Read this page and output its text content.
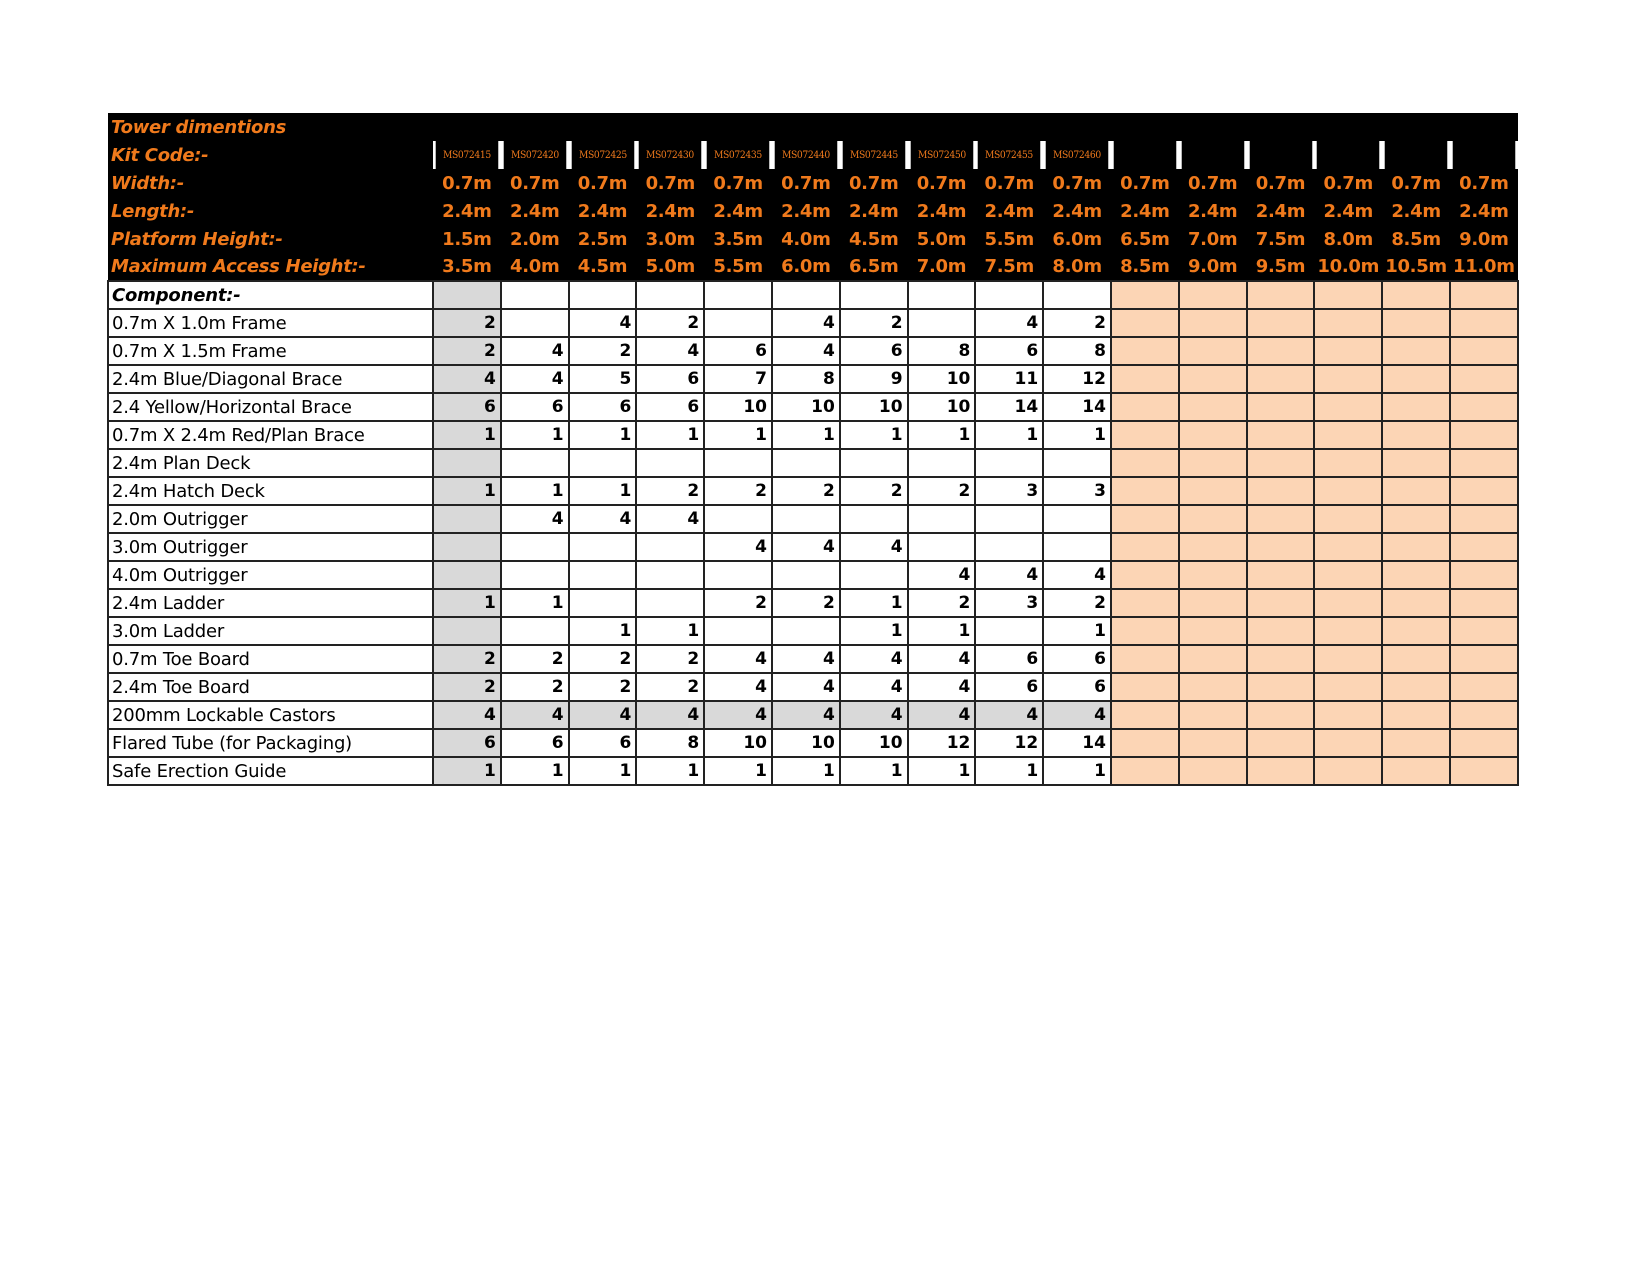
Tower dimentions																
Kit Code:-	MS072415	MS072420	MS072425	MS072430	MS072435	MS072440	MS072445	MS072450	MS072455	MS072460						
Width:-	0.7m	0.7m	0.7m	0.7m	0.7m	0.7m	0.7m	0.7m	0.7m	0.7m	0.7m	0.7m	0.7m	0.7m	0.7m	0.7m
Length:-	2.4m	2.4m	2.4m	2.4m	2.4m	2.4m	2.4m	2.4m	2.4m	2.4m	2.4m	2.4m	2.4m	2.4m	2.4m	2.4m
Platform Height:-	1.5m	2.0m	2.5m	3.0m	3.5m	4.0m	4.5m	5.0m	5.5m	6.0m	6.5m	7.0m	7.5m	8.0m	8.5m	9.0m
Maximum Access Height:-	3.5m	4.0m	4.5m	5.0m	5.5m	6.0m	6.5m	7.0m	7.5m	8.0m	8.5m	9.0m	9.5m	10.0m	10.5m	11.0m
Component:-																
0.7m X 1.0m Frame	2		4	2		4	2		4	2						
0.7m X 1.5m Frame	2	4	2	4	6	4	6	8	6	8						
2.4m Blue/Diagonal Brace	4	4	5	6	7	8	9	10	11	12						
2.4 Yellow/Horizontal Brace	6	6	6	6	10	10	10	10	14	14						
0.7m X 2.4m Red/Plan Brace	1	1	1	1	1	1	1	1	1	1						
2.4m Plan Deck																
2.4m Hatch Deck	1	1	1	2	2	2	2	2	3	3						
2.0m Outrigger		4	4	4												
3.0m Outrigger					4	4	4									
4.0m Outrigger								4	4	4						
2.4m Ladder	1	1			2	2	1	2	3	2						
3.0m Ladder			1	1			1	1		1						
0.7m Toe Board	2	2	2	2	4	4	4	4	6	6						
2.4m Toe Board	2	2	2	2	4	4	4	4	6	6						
200mm Lockable Castors	4	4	4	4	4	4	4	4	4	4						
Flared Tube (for Packaging)	6	6	6	8	10	10	10	12	12	14						
Safe Erection Guide	1	1	1	1	1	1	1	1	1	1						
